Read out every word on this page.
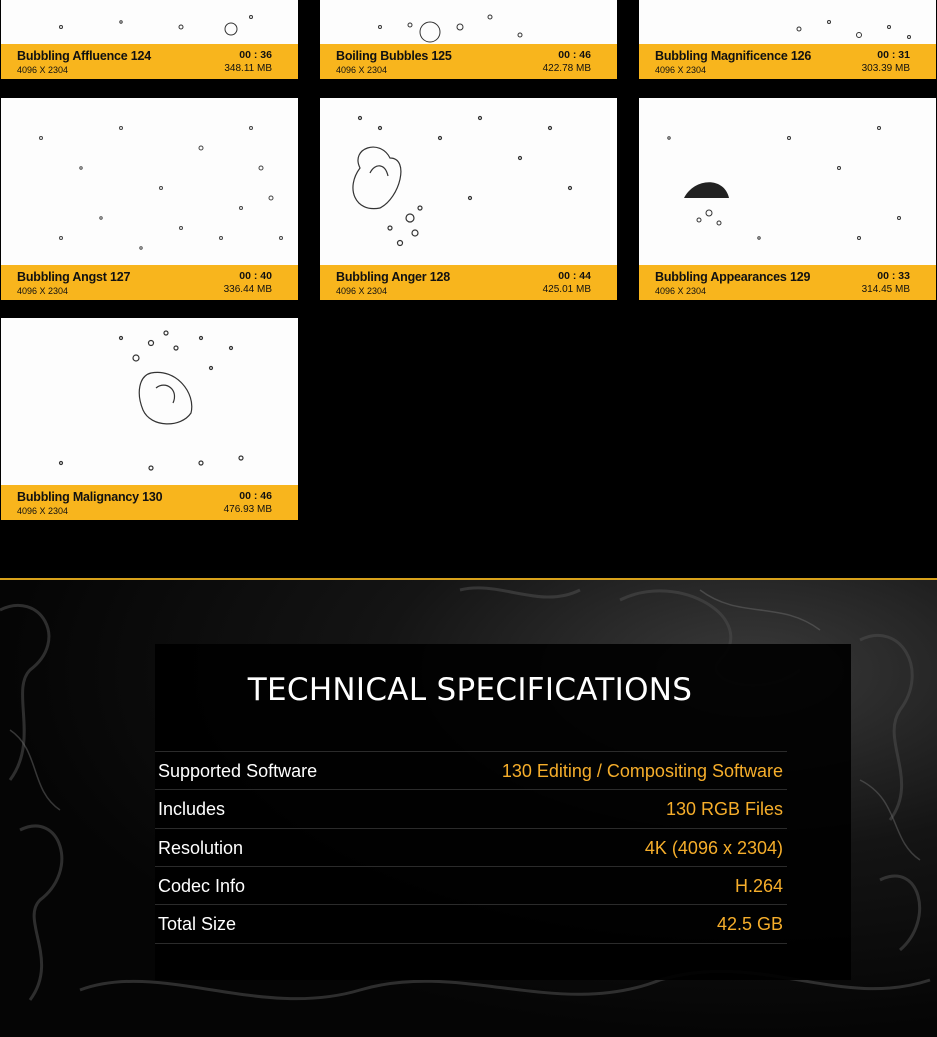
Bubbling Affluence 124
4096 X 2304
00 : 36
348.11 MB
Boiling Bubbles 125
4096 X 2304
00 : 46
422.78 MB
Bubbling Magnificence 126
4096 X 2304
00 : 31
303.39 MB
Bubbling Angst 127
4096 X 2304
00 : 40
336.44 MB
Bubbling Anger 128
4096 X 2304
00 : 44
425.01 MB
Bubbling Appearances 129
4096 X 2304
00 : 33
314.45 MB
Bubbling Malignancy 130
4096 X 2304
00 : 46
476.93 MB
TECHNICAL SPECIFICATIONS
Supported Software	130 Editing / Compositing Software
Includes	130 RGB Files
Resolution	4K (4096 x 2304)
Codec Info	H.264
Total Size	42.5 GB
